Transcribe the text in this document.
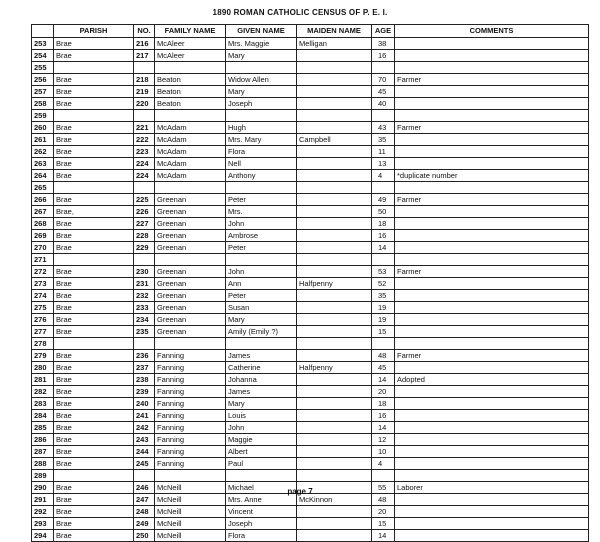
1890 ROMAN CATHOLIC CENSUS OF P. E. I.
	PARISH	NO.	FAMILY NAME	GIVEN NAME	MAIDEN NAME	AGE	COMMENTS
253	Brae	216	McAleer	Mrs. Maggie	Melligan	38	
254	Brae	217	McAleer	Mary		16	
255							
256	Brae	218	Beaton	Widow Allen		70	Farmer
257	Brae	219	Beaton	Mary		45	
258	Brae	220	Beaton	Joseph		40	
259							
260	Brae	221	McAdam	Hugh		43	Farmer
261	Brae	222	McAdam	Mrs. Mary	Campbell	35	
262	Brae	223	McAdam	Flora		11	
263	Brae	224	McAdam	Nell		13	
264	Brae	224	McAdam	Anthony		4	*duplicate number
265							
266	Brae	225	Greenan	Peter		49	Farmer
267	Brae,	226	Greenan	Mrs.		50	
268	Brae	227	Greenan	John		18	
269	Brae	228	Greenan	Ambrose		16	
270	Brae	229	Greenan	Peter		14	
271							
272	Brae	230	Greenan	John		53	Farmer
273	Brae	231	Greenan	Ann	Halfpenny	52	
274	Brae	232	Greenan	Peter		35	
275	Brae	233	Greenan	Susan		19	
276	Brae	234	Greenan	Mary		19	
277	Brae	235	Greenan	Amily (Emily ?)		15	
278							
279	Brae	236	Fanning	James		48	Farmer
280	Brae	237	Fanning	Catherine	Halfpenny	45	
281	Brae	238	Fanning	Johanna		14	Adopted
282	Brae	239	Fanning	James		20	
283	Brae	240	Fanning	Mary		18	
284	Brae	241	Fanning	Louis		16	
285	Brae	242	Fanning	John		14	
286	Brae	243	Fanning	Maggie		12	
287	Brae	244	Fanning	Albert		10	
288	Brae	245	Fanning	Paul		4	
289							
290	Brae	246	McNeill	Michael		55	Laborer
291	Brae	247	McNeill	Mrs. Anne	McKinnon	48	
292	Brae	248	McNeill	Vincent		20	
293	Brae	249	McNeill	Joseph		15	
294	Brae	250	McNeill	Flora		14	
page 7
